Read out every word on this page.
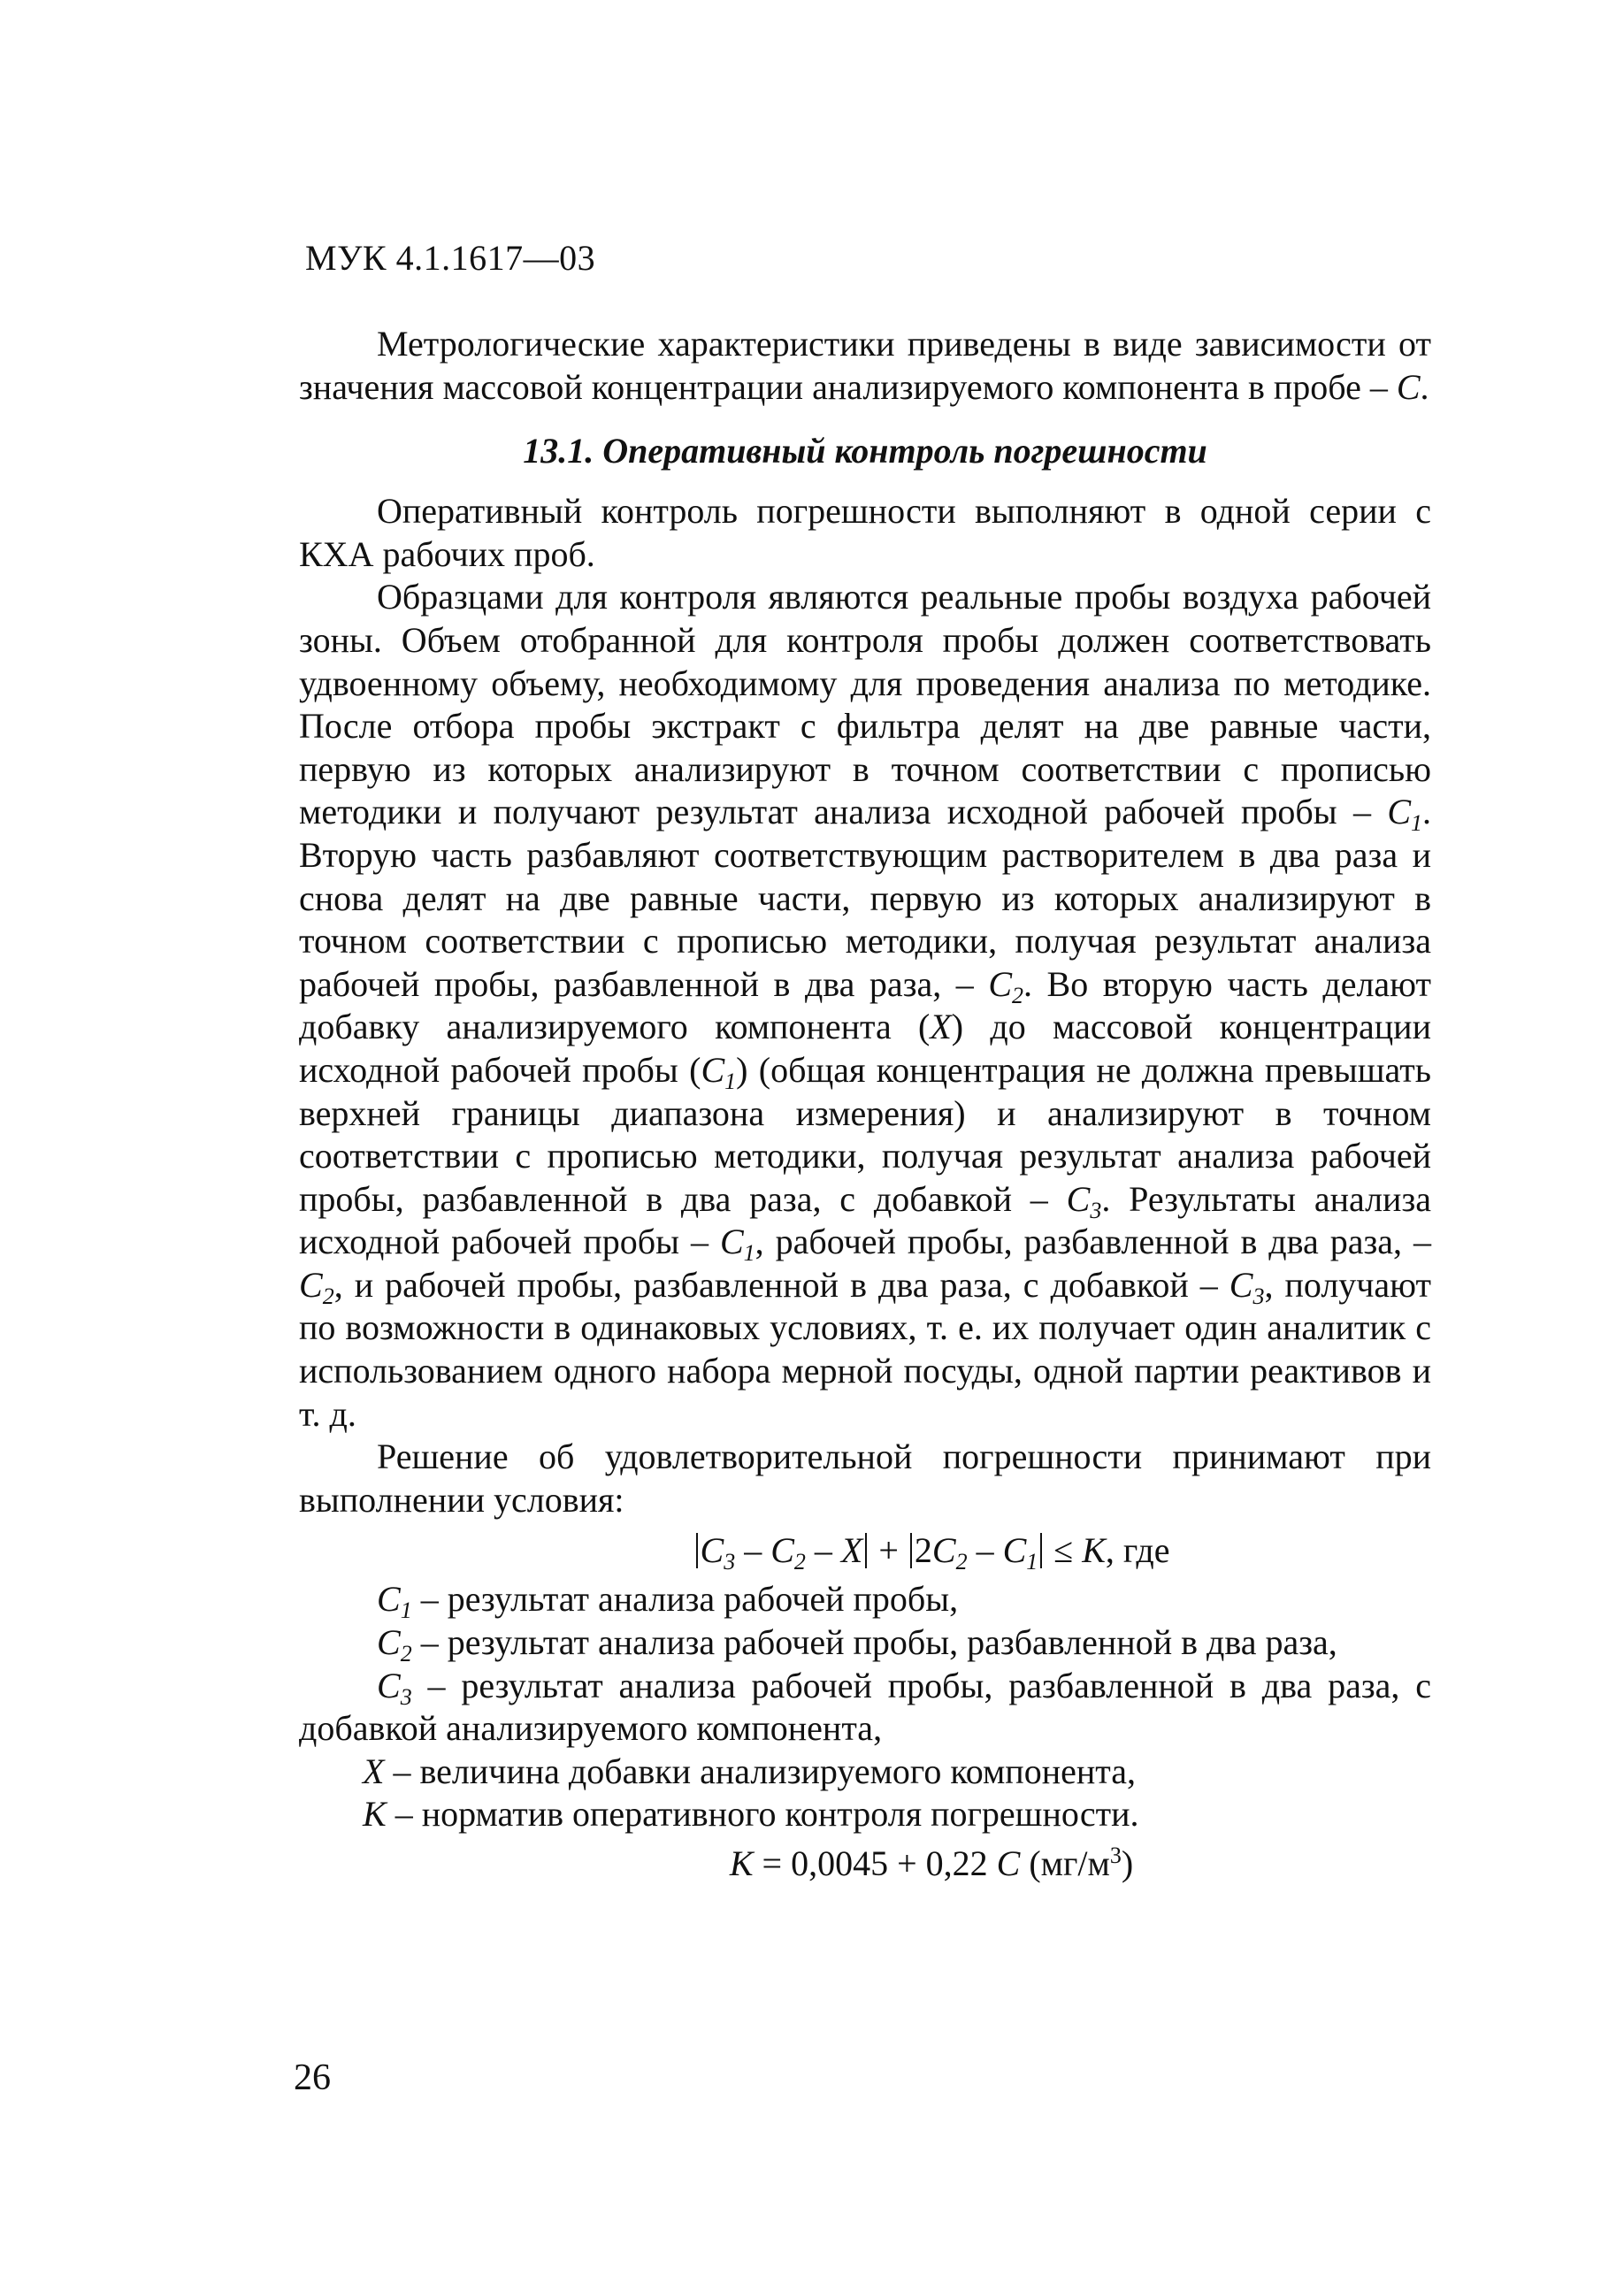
МУК 4.1.1617—03

Метрологические характеристики приведены в виде зависимости от значения массовой концентрации анализируемого компонента в пробе – C.

13.1. Оперативный контроль погрешности

Оперативный контроль погрешности выполняют в одной серии с КХА рабочих проб.

Образцами для контроля являются реальные пробы воздуха рабочей зоны. Объем отобранной для контроля пробы должен соответствовать удвоенному объему, необходимому для проведения анализа по методике. После отбора пробы экстракт с фильтра делят на две равные части, первую из которых анализируют в точном соответствии с прописью методики и получают результат анализа исходной рабочей пробы – $C_1$. Вторую часть разбавляют соответствующим растворителем в два раза и снова делят на две равные части, первую из которых анализируют в точном соответствии с прописью методики, получая результат анализа рабочей пробы, разбавленной в два раза, – $C_2$. Во вторую часть делают добавку анализируемого компонента (X) до массовой концентрации исходной рабочей пробы $(C_1)$ (общая концентрация не должна превышать верхней границы диапазона измерения) и анализируют в точном соответствии с прописью методики, получая результат анализа рабочей пробы, разбавленной в два раза, с добавкой – $C_3$. Результаты анализа исходной рабочей пробы – $C_1$, рабочей пробы, разбавленной в два раза, – $C_2$, и рабочей пробы, разбавленной в два раза, с добавкой – $C_3$, получают по возможности в одинаковых условиях, т. е. их получает один аналитик с использованием одного набора мерной посуды, одной партии реактивов и т. д.

Решение об удовлетворительной погрешности принимают при выполнении условия:

$C_3 - C_2 - X + 2C_2 - C_1 \le K$, где
$C_1$ – результат анализа рабочей пробы,
$C_2$ – результат анализа рабочей пробы, разбавленной в два раза,
$C_3$ – результат анализа рабочей пробы, разбавленной в два раза, с добавкой анализируемого компонента,
X – величина добавки анализируемого компонента,
K – норматив оперативного контроля погрешности.
K = 0,0045 + 0,22 C $(мг/м^3)$
26
